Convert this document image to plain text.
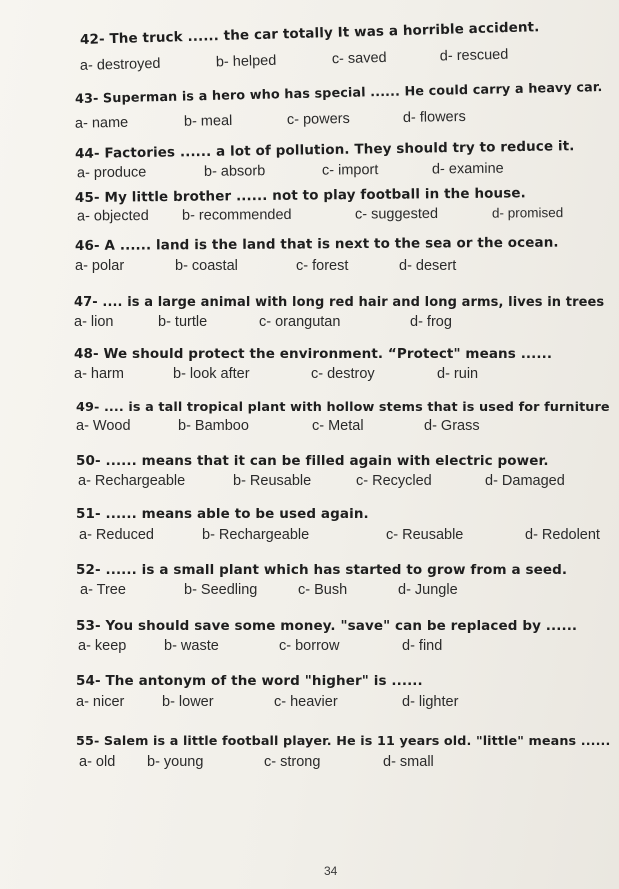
42- The truck ...... the car totally It was a horrible accident.
a- destroyed	b- helped	c- saved	d- rescued
43- Superman is a hero who has special ...... He could carry a heavy car.
a- name	b- meal	c- powers	d- flowers
44- Factories ...... a lot of pollution. They should try to reduce it.
a- produce	b- absorb	c- import	d- examine
45- My little brother ...... not to play football in the house.
a- objected b- recommended	c- suggested	d- promised
46- A ...... land is the land that is next to the sea or the ocean.
a- polar	b- coastal	c- forest	d- desert
47- .... is a large animal with long red hair and long arms, lives in trees
a- lion	b- turtle	c- orangutan	d- frog
48- We should protect the environment. “Protect" means ......
a- harm	b- look after	c- destroy	d- ruin
49- .... is a tall tropical plant with hollow stems that is used for furniture
a- Wood	b- Bamboo	c- Metal	d- Grass
50- ...... means that it can be filled again with electric power.
a- Rechargeable	b- Reusable	c- Recycled	d- Damaged
51- ...... means able to be used again.
a- Reduced	b- Rechargeable	c- Reusable	d- Redolent
52- ...... is a small plant which has started to grow from a seed.
a- Tree	b- Seedling	c- Bush	d- Jungle
53- You should save some money. "save" can be replaced by ......
a- keep	b- waste	c- borrow	d- find
54- The antonym of the word "higher" is ......
a- nicer	b- lower	c- heavier	d- lighter
55- Salem is a little football player. He is 11 years old. "little" means ......
a- old b- young	c- strong	d- small
34
